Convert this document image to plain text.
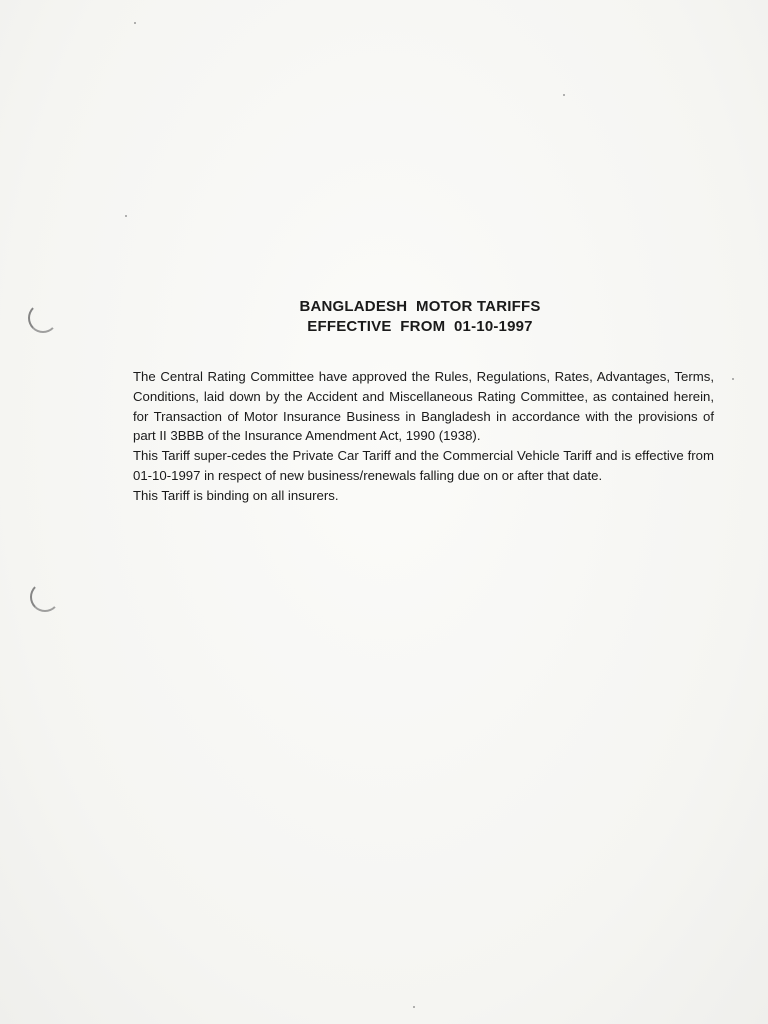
BANGLADESH  MOTOR TARIFFS
EFFECTIVE  FROM  01-10-1997

The Central Rating Committee have approved the Rules, Regulations, Rates, Advantages, Terms, Conditions, laid down by the Accident and Miscellaneous Rating Committee, as contained herein, for Transaction of Motor Insurance Business in Bangladesh in accordance with the provisions of part II 3BBB of the Insurance Amendment Act, 1990 (1938).

This Tariff super-cedes the Private Car Tariff and the Commercial Vehicle Tariff and is effective from 01-10-1997 in respect of new business/renewals falling due on or after that date.

This Tariff is binding on all insurers.
